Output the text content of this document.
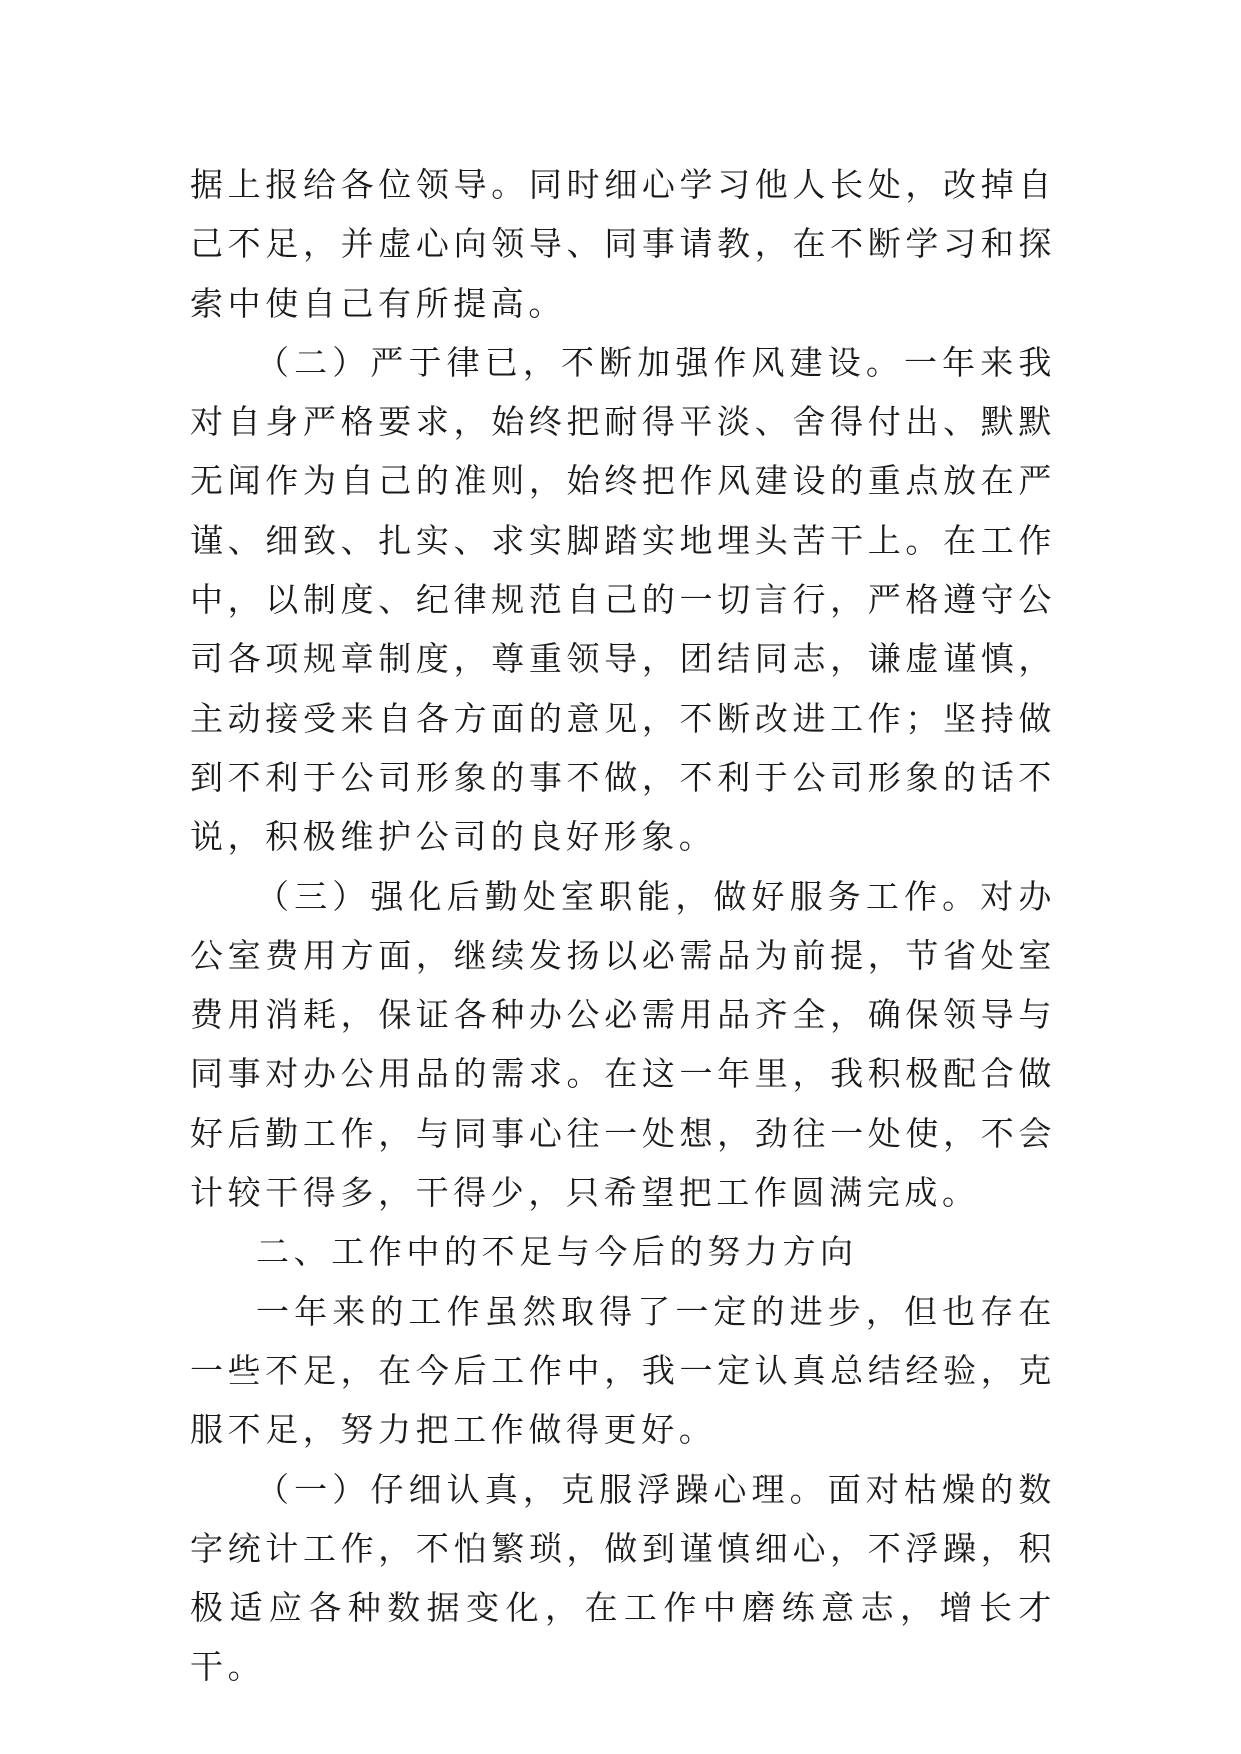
据上报给各位领导。同时细心学习他人长处，改掉自己不足，并虚心向领导、同事请教，在不断学习和探索中使自己有所提高。

（二）严于律已，不断加强作风建设。一年来我对自身严格要求，始终把耐得平淡、舍得付出、默默无闻作为自己的准则，始终把作风建设的重点放在严谨、细致、扎实、求实脚踏实地埋头苦干上。在工作中，以制度、纪律规范自己的一切言行，严格遵守公司各项规章制度，尊重领导，团结同志，谦虚谨慎，主动接受来自各方面的意见，不断改进工作；坚持做到不利于公司形象的事不做，不利于公司形象的话不说，积极维护公司的良好形象。

（三）强化后勤处室职能，做好服务工作。对办公室费用方面，继续发扬以必需品为前提，节省处室费用消耗，保证各种办公必需用品齐全，确保领导与同事对办公用品的需求。在这一年里，我积极配合做好后勤工作，与同事心往一处想，劲往一处使，不会计较干得多，干得少，只希望把工作圆满完成。

二、工作中的不足与今后的努力方向

一年来的工作虽然取得了一定的进步，但也存在一些不足，在今后工作中，我一定认真总结经验，克服不足，努力把工作做得更好。

（一）仔细认真，克服浮躁心理。面对枯燥的数字统计工作，不怕繁琐，做到谨慎细心，不浮躁，积极适应各种数据变化，在工作中磨练意志，增长才干。
